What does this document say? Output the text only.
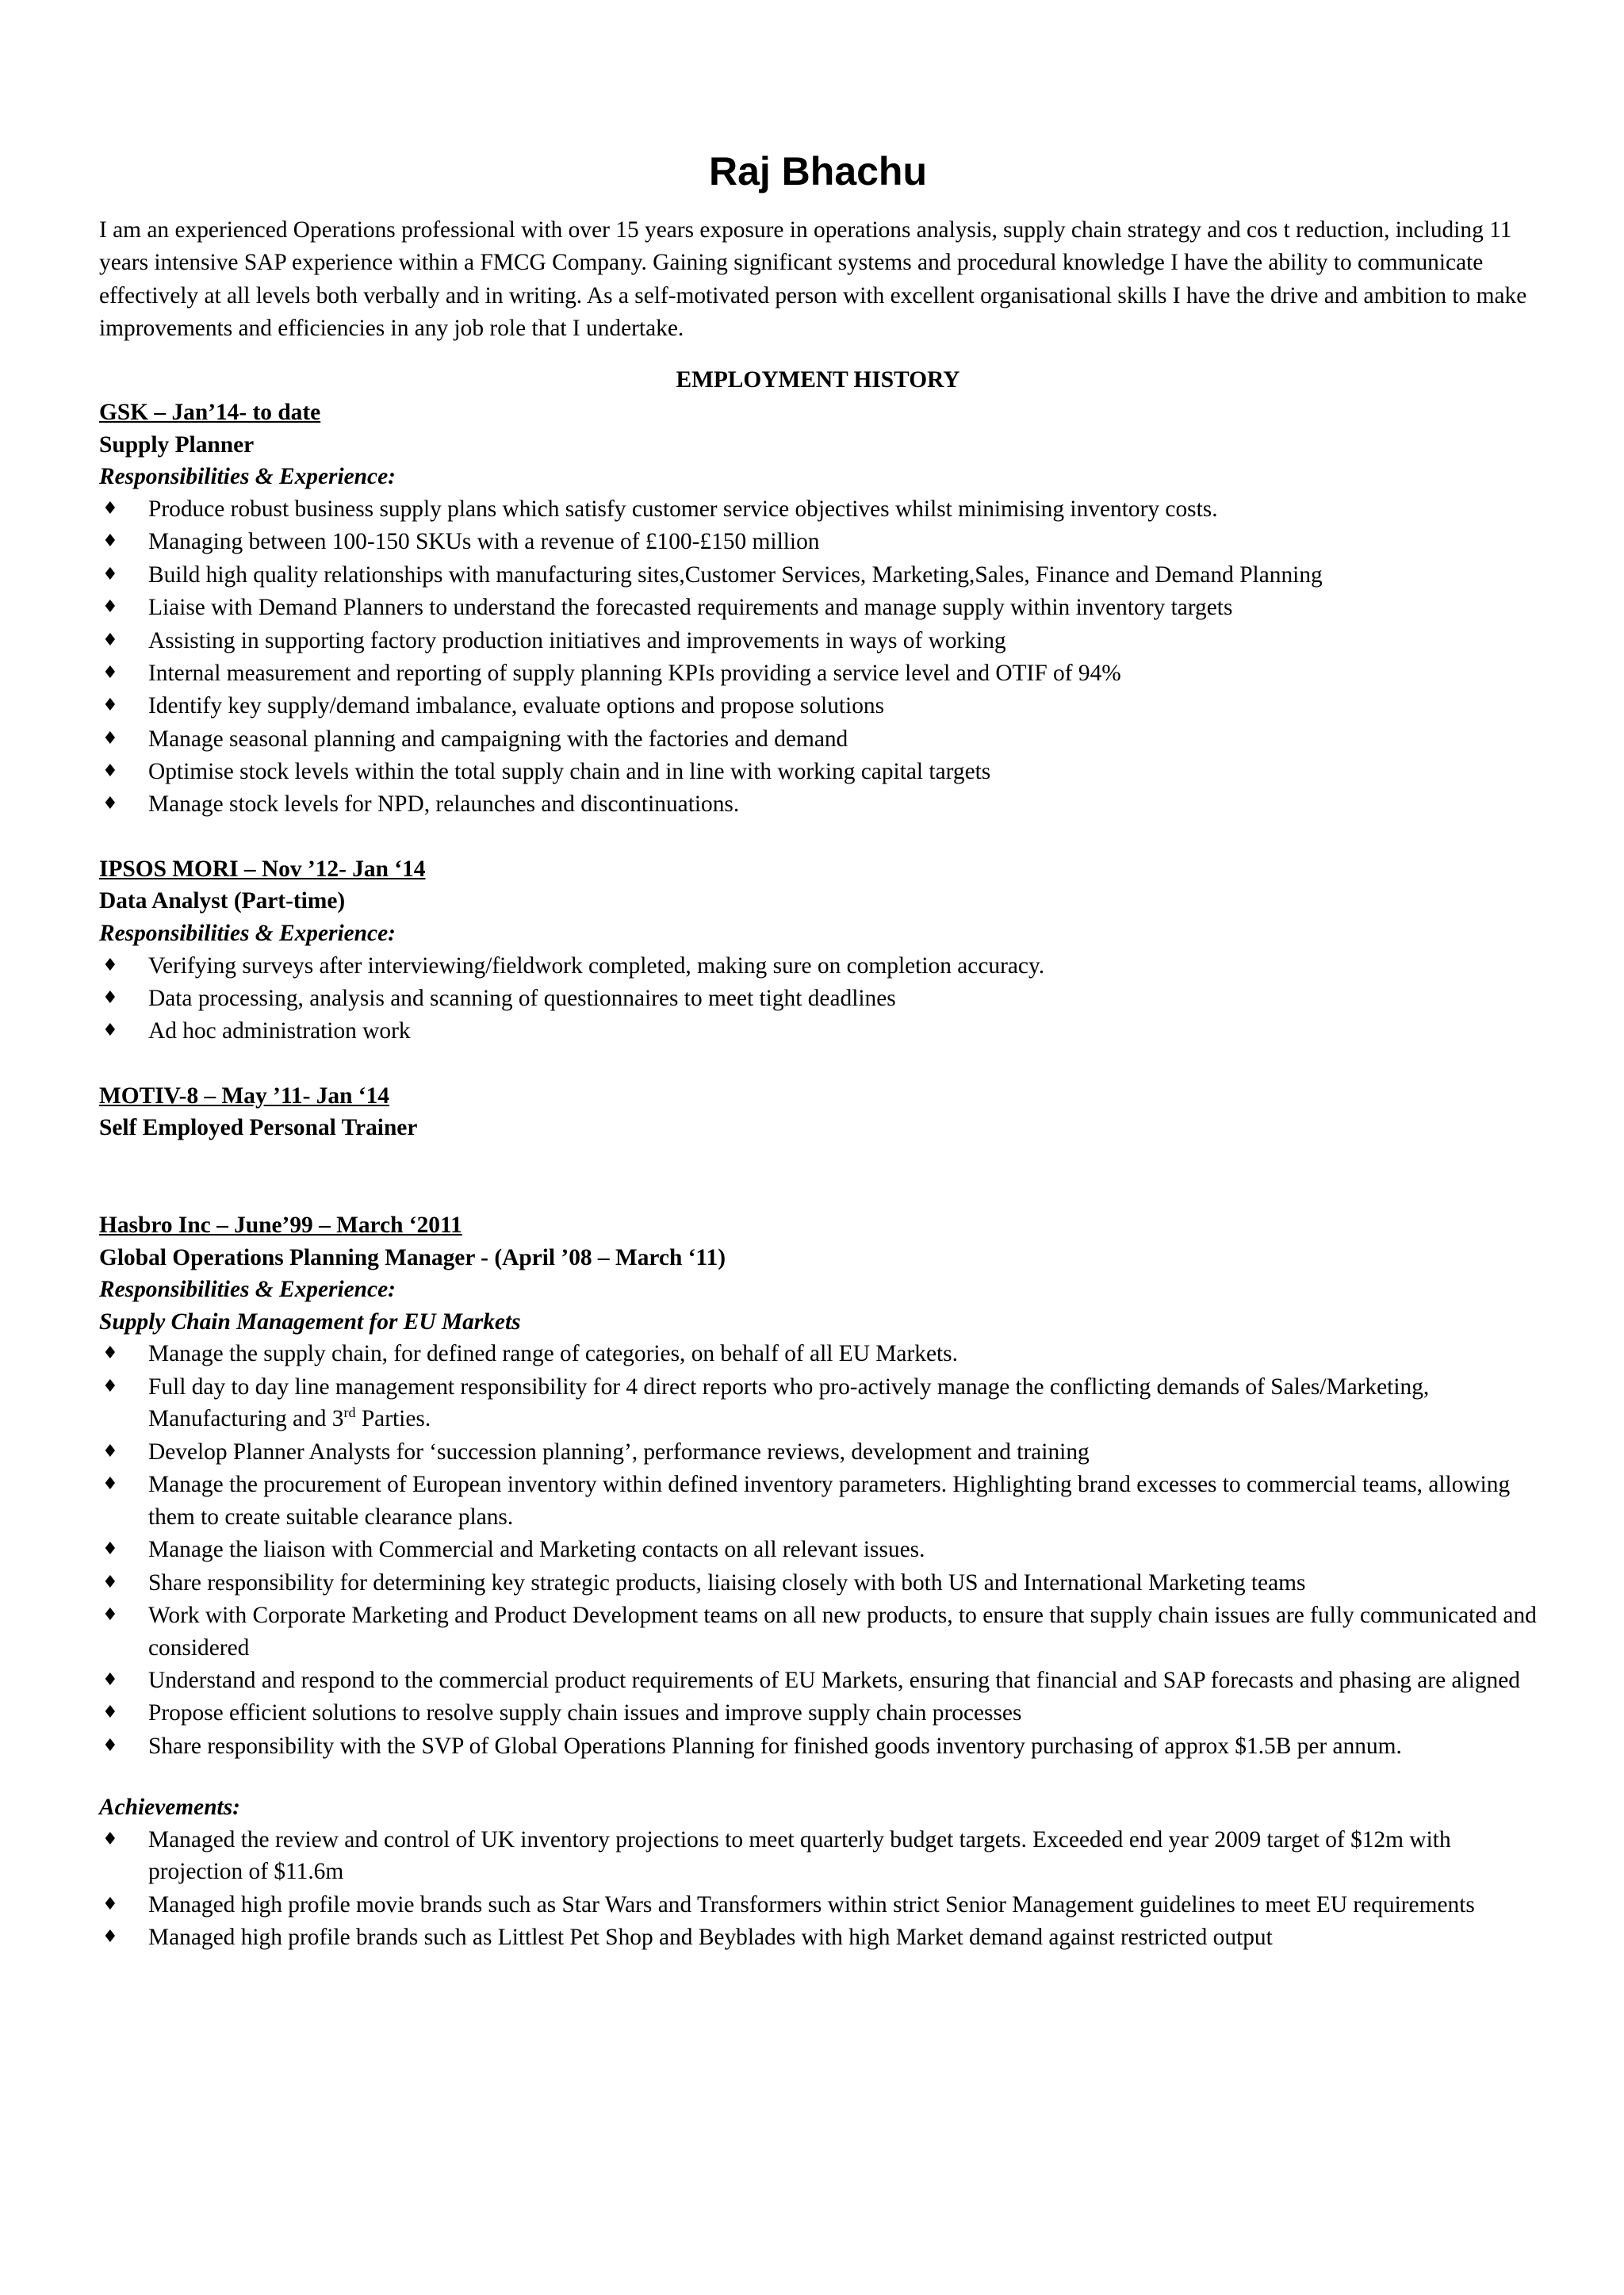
Raj Bhachu

I am an experienced Operations professional with over 15 years exposure in operations analysis, supply chain strategy and cos t reduction, including 11 years intensive SAP experience within a FMCG Company. Gaining significant systems and procedural knowledge I have the ability to communicate effectively at all levels both verbally and in writing. As a self-motivated person with excellent organisational skills I have the drive and ambition to make improvements and efficiencies in any job role that I undertake.

EMPLOYMENT HISTORY
GSK – Jan’14- to date
Supply Planner
Responsibilities & Experience:
♦ Produce robust business supply plans which satisfy customer service objectives whilst minimising inventory costs.
♦ Managing between 100-150 SKUs with a revenue of £100-£150 million
♦ Build high quality relationships with manufacturing sites,Customer Services, Marketing,Sales, Finance and Demand Planning
♦ Liaise with Demand Planners to understand the forecasted requirements and manage supply within inventory targets
♦ Assisting in supporting factory production initiatives and improvements in ways of working
♦ Internal measurement and reporting of supply planning KPIs providing a service level and OTIF of 94%
♦ Identify key supply/demand imbalance, evaluate options and propose solutions
♦ Manage seasonal planning and campaigning with the factories and demand
♦ Optimise stock levels within the total supply chain and in line with working capital targets
♦ Manage stock levels for NPD, relaunches and discontinuations.
IPSOS MORI – Nov ’12- Jan ‘14
Data Analyst (Part-time)
Responsibilities & Experience:
♦ Verifying surveys after interviewing/fieldwork completed, making sure on completion accuracy.
♦ Data processing, analysis and scanning of questionnaires to meet tight deadlines
♦ Ad hoc administration work
MOTIV-8 – May ’11- Jan ‘14
Self Employed Personal Trainer
Hasbro Inc – June’99 – March ‘2011
Global Operations Planning Manager - (April ’08 – March ‘11)
Responsibilities & Experience:
Supply Chain Management for EU Markets
♦ Manage the supply chain, for defined range of categories, on behalf of all EU Markets.
♦ Full day to day line management responsibility for 4 direct reports who pro-actively manage the conflicting demands of Sales/Marketing, Manufacturing and 3rd Parties.
♦ Develop Planner Analysts for ‘succession planning’, performance reviews, development and training
♦ Manage the procurement of European inventory within defined inventory parameters. Highlighting brand excesses to commercial teams, allowing them to create suitable clearance plans.
♦ Manage the liaison with Commercial and Marketing contacts on all relevant issues.
♦ Share responsibility for determining key strategic products, liaising closely with both US and International Marketing teams
♦ Work with Corporate Marketing and Product Development teams on all new products, to ensure that supply chain issues are fully communicated and considered
♦ Understand and respond to the commercial product requirements of EU Markets, ensuring that financial and SAP forecasts and phasing are aligned
♦ Propose efficient solutions to resolve supply chain issues and improve supply chain processes
♦ Share responsibility with the SVP of Global Operations Planning for finished goods inventory purchasing of approx $1.5B per annum.
Achievements:
♦ Managed the review and control of UK inventory projections to meet quarterly budget targets. Exceeded end year 2009 target of $12m with projection of $11.6m
♦ Managed high profile movie brands such as Star Wars and Transformers within strict Senior Management guidelines to meet EU requirements
♦ Managed high profile brands such as Littlest Pet Shop and Beyblades with high Market demand against restricted output
